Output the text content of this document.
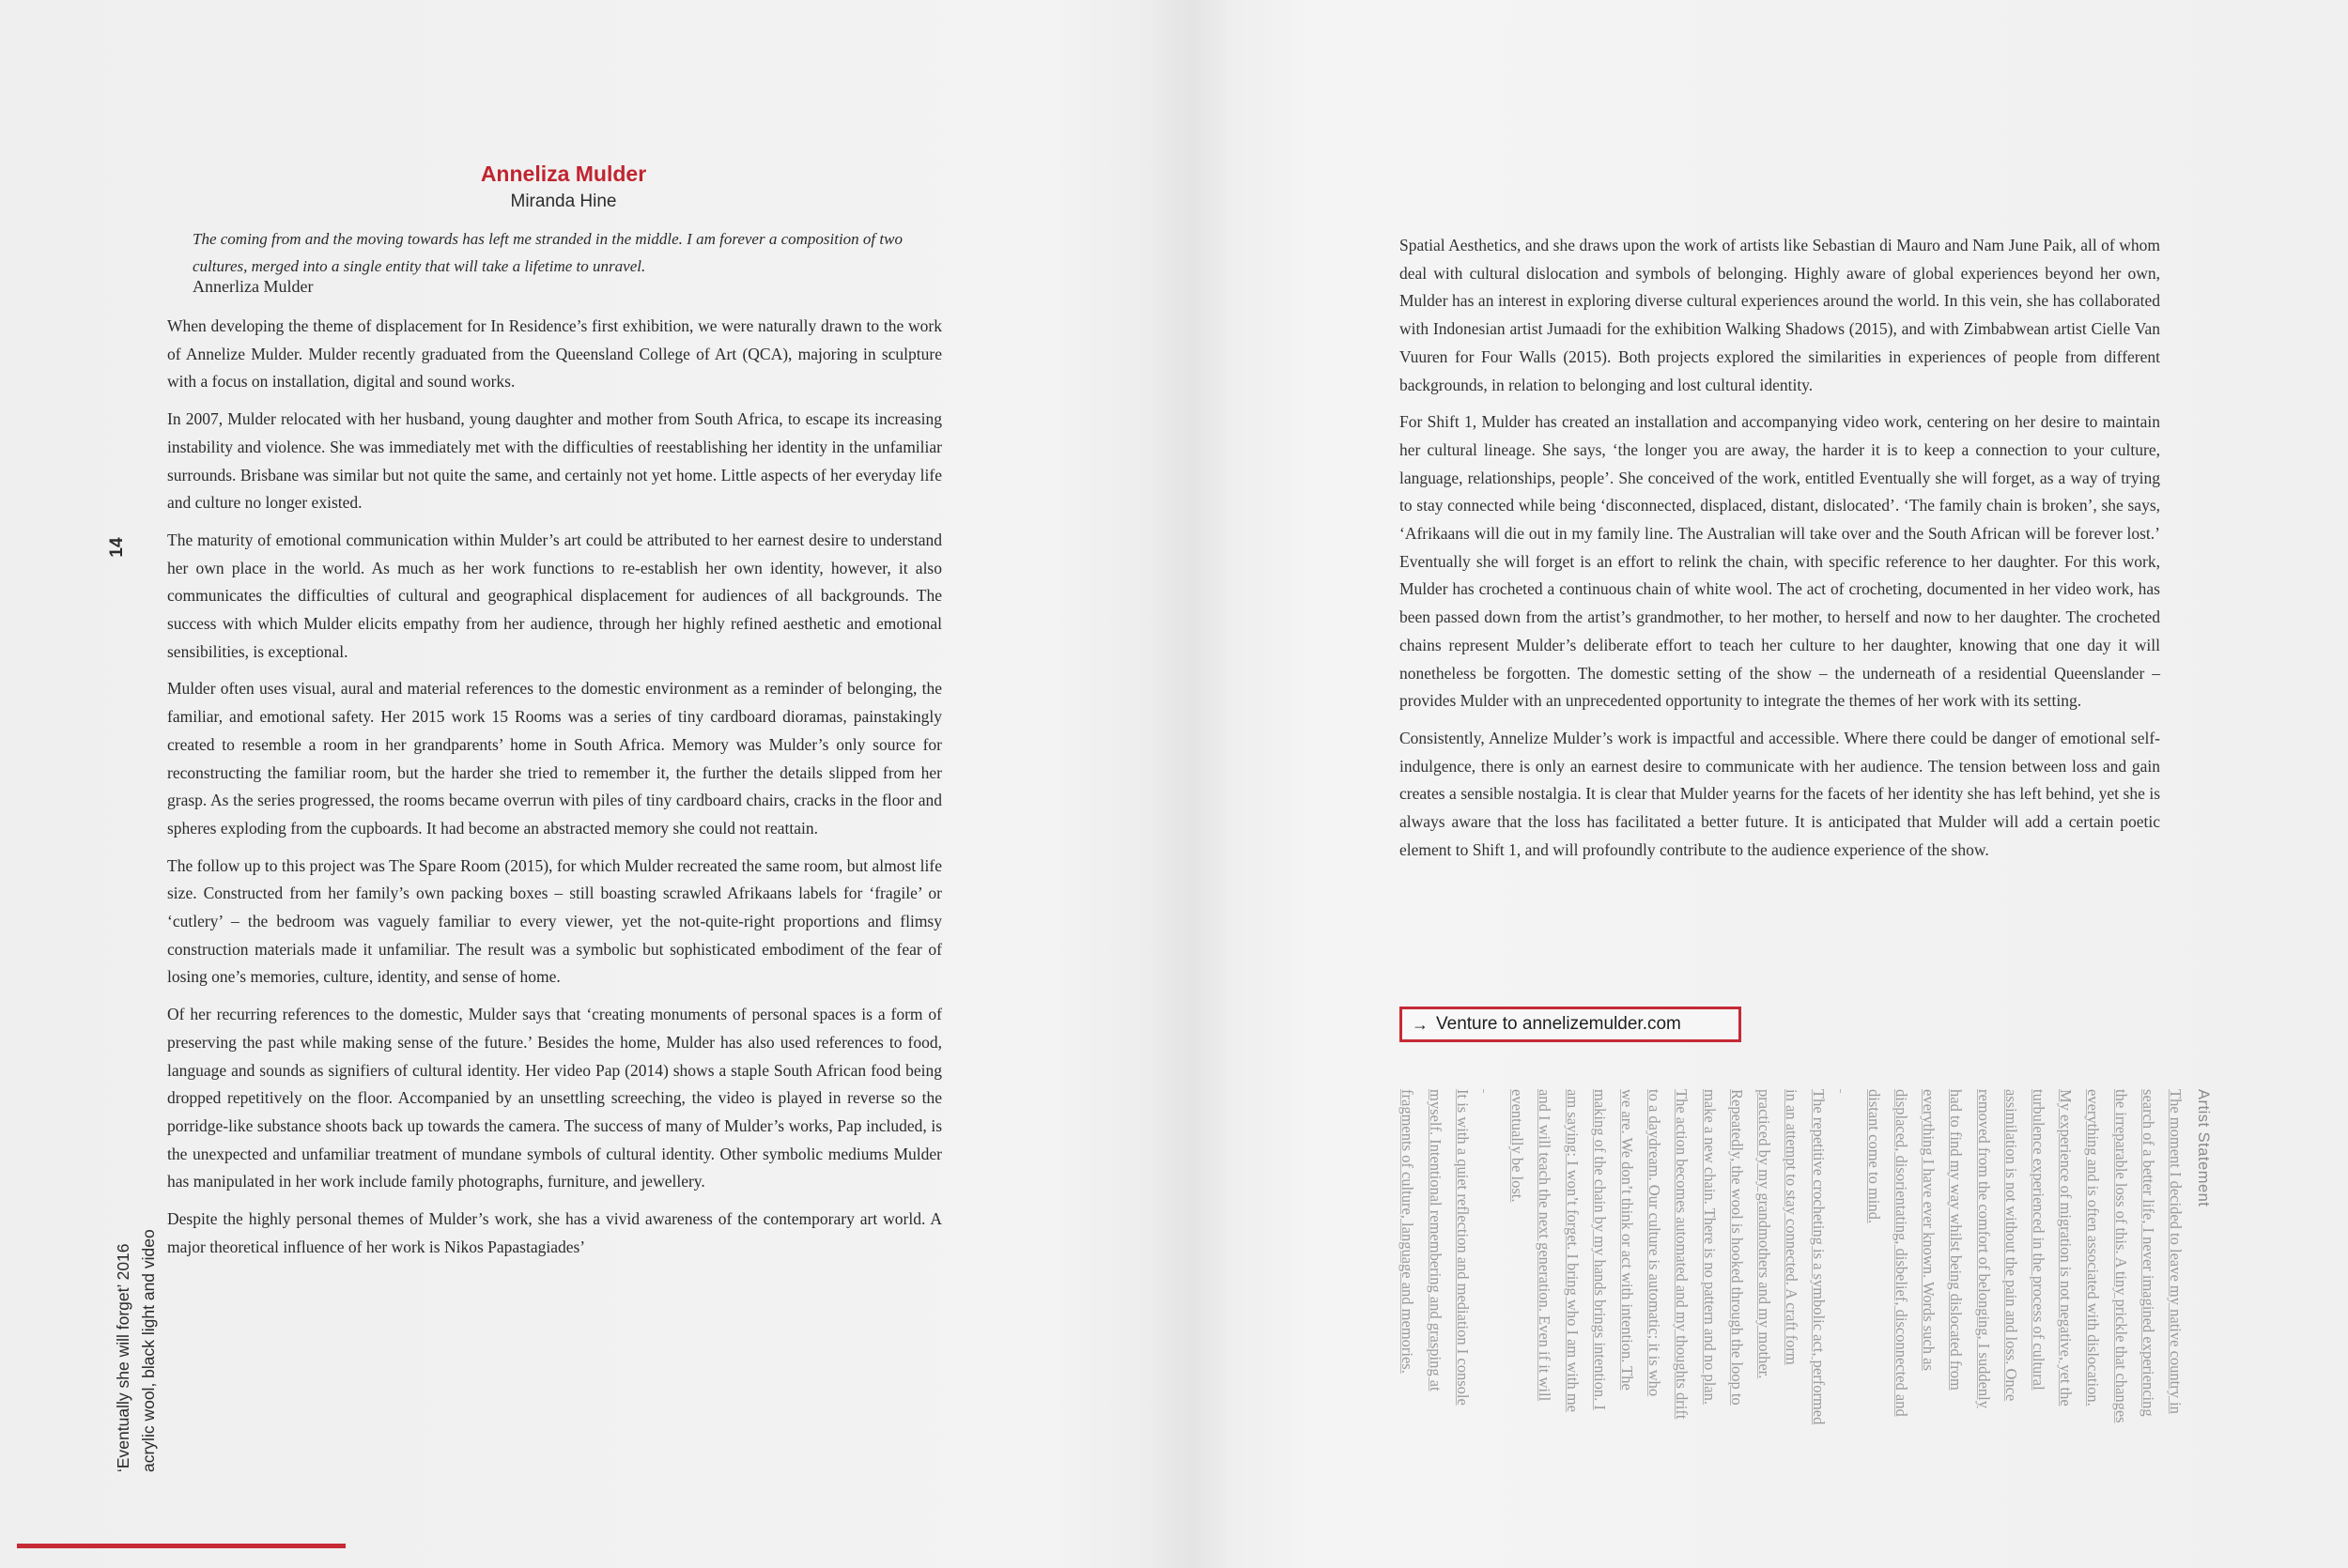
Anneliza Mulder
Miranda Hine

The coming from and the moving towards has left me stranded in the middle. I am forever a composition of two cultures, merged into a single entity that will take a lifetime to unravel.

Annerliza Mulder

When developing the theme of displacement for In Residence’s first exhibition, we were naturally drawn to the work of Annelize Mulder. Mulder recently graduated from the Queensland College of Art (QCA), majoring in sculpture with a focus on installation, digital and sound works.

In 2007, Mulder relocated with her husband, young daughter and mother from South Africa, to escape its increasing instability and violence. She was immediately met with the difficulties of reestablishing her identity in the unfamiliar surrounds. Brisbane was similar but not quite the same, and certainly not yet home. Little aspects of her everyday life and culture no longer existed.

The maturity of emotional communication within Mulder’s art could be attributed to her earnest desire to understand her own place in the world. As much as her work functions to re-establish her own identity, however, it also communicates the difficulties of cultural and geographical displacement for audiences of all backgrounds. The success with which Mulder elicits empathy from her audience, through her highly refined aesthetic and emotional sensibilities, is exceptional.

Mulder often uses visual, aural and material references to the domestic environment as a reminder of belonging, the familiar, and emotional safety. Her 2015 work 15 Rooms was a series of tiny cardboard dioramas, painstakingly created to resemble a room in her grandparents’ home in South Africa. Memory was Mulder’s only source for reconstructing the familiar room, but the harder she tried to remember it, the further the details slipped from her grasp. As the series progressed, the rooms became overrun with piles of tiny cardboard chairs, cracks in the floor and spheres exploding from the cupboards. It had become an abstracted memory she could not reattain.

The follow up to this project was The Spare Room (2015), for which Mulder recreated the same room, but almost life size. Constructed from her family’s own packing boxes – still boasting scrawled Afrikaans labels for ‘fragile’ or ‘cutlery’ – the bedroom was vaguely familiar to every viewer, yet the not-quite-right proportions and flimsy construction materials made it unfamiliar. The result was a symbolic but sophisticated embodiment of the fear of losing one’s memories, culture, identity, and sense of home.

Of her recurring references to the domestic, Mulder says that ‘creating monuments of personal spaces is a form of preserving the past while making sense of the future.’ Besides the home, Mulder has also used references to food, language and sounds as signifiers of cultural identity. Her video Pap (2014) shows a staple South African food being dropped repetitively on the floor. Accompanied by an unsettling screeching, the video is played in reverse so the porridge-like substance shoots back up towards the camera. The success of many of Mulder’s works, Pap included, is the unexpected and unfamiliar treatment of mundane symbols of cultural identity. Other symbolic mediums Mulder has manipulated in her work include family photographs, furniture, and jewellery.

Despite the highly personal themes of Mulder’s work, she has a vivid awareness of the contemporary art world. A major theoretical influence of her work is Nikos Papastagiades’

14
‘Eventually she will forget’ 2016 acrylic wool, black light and video

Spatial Aesthetics, and she draws upon the work of artists like Sebastian di Mauro and Nam June Paik, all of whom deal with cultural dislocation and symbols of belonging. Highly aware of global experiences beyond her own, Mulder has an interest in exploring diverse cultural experiences around the world. In this vein, she has collaborated with Indonesian artist Jumaadi for the exhibition Walking Shadows (2015), and with Zimbabwean artist Cielle Van Vuuren for Four Walls (2015). Both projects explored the similarities in experiences of people from different backgrounds, in relation to belonging and lost cultural identity.

For Shift 1, Mulder has created an installation and accompanying video work, centering on her desire to maintain her cultural lineage. She says, ‘the longer you are away, the harder it is to keep a connection to your culture, language, relationships, people’. She conceived of the work, entitled Eventually she will forget, as a way of trying to stay connected while being ‘disconnected, displaced, distant, dislocated’. ‘The family chain is broken’, she says, ‘Afrikaans will die out in my family line. The Australian will take over and the South African will be forever lost.’ Eventually she will forget is an effort to relink the chain, with specific reference to her daughter. For this work, Mulder has crocheted a continuous chain of white wool. The act of crocheting, documented in her video work, has been passed down from the artist’s grandmother, to her mother, to herself and now to her daughter. The crocheted chains represent Mulder’s deliberate effort to teach her culture to her daughter, knowing that one day it will nonetheless be forgotten. The domestic setting of the show – the underneath of a residential Queenslander – provides Mulder with an unprecedented opportunity to integrate the themes of her work with its setting.

Consistently, Annelize Mulder’s work is impactful and accessible. Where there could be danger of emotional self-indulgence, there is only an earnest desire to communicate with her audience. The tension between loss and gain creates a sensible nostalgia. It is clear that Mulder yearns for the facets of her identity she has left behind, yet she is always aware that the loss has facilitated a better future. It is anticipated that Mulder will add a certain poetic element to Shift 1, and will profoundly contribute to the audience experience of the show.

→ Venture to annelizemulder.com
Artist Statement
The moment I decided to leave my native country in
search of a better life, I never imagined experiencing
the irreparable loss of this. A tiny prickle that changes
everything and is often associated with dislocation.
My experience of migration is not negative, yet the
turbulence experienced in the process of cultural
assimilation is not without the pain and loss. Once
removed from the comfort of belonging, I suddenly
had to find my way whilst being dislocated from
everything I have ever known. Words such as
displaced, disorientating, disbelief, disconnected and
distant come to mind.

The repetitive crocheting is a symbolic act, performed
in an attempt to stay connected. A craft form
practiced by my grandmothers and my mother.
Repeatedly, the wool is hooked through the loop to
make a new chain. There is no pattern and no plan.
The action becomes automated and my thoughts drift
to a daydream. Our culture is automatic; it is who
we are. We don’t think or act with intention. The
making of the chain by my hands brings intention. I
am saying: I won’t forget. I bring who I am with me
and I will teach the next generation. Even if it will
eventually be lost.

It is with a quiet reflection and mediation I console
myself. Intentional remembering and grasping at
fragments of culture, language and memories.
